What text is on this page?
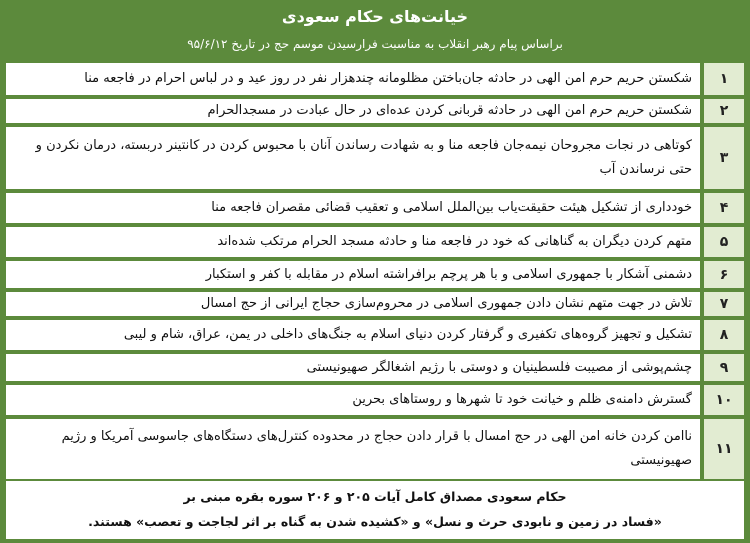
خیانت‌های حکام سعودی
براساس پیام رهبر انقلاب به مناسبت فرارسیدن موسم حج در تاریخ ۹۵/۶/۱۲
۱
شکستن حریم حرم امن الهی در حادثه جان‌باختن مظلومانه چندهزار نفر در روز عید و در لباس احرام در فاجعه منا
۲
شکستن حریم حرم امن الهی در حادثه قربانی کردن عده‌ای در حال عبادت در مسجدالحرام
۳
کوتاهی در نجات مجروحان نیمه‌جان فاجعه منا و به شهادت رساندن آنان با محبوس کردن در کانتینر دربسته، درمان نکردن و حتی نرساندن آب
۴
خودداری از تشکیل هیئت حقیقت‌یاب بین‌الملل اسلامی و تعقیب قضائی مقصران فاجعه منا
۵
متهم کردن دیگران به گناهانی که خود در فاجعه منا و حادثه مسجد الحرام مرتکب شده‌اند
۶
دشمنی آشکار با جمهوری اسلامی و با هر پرچم برافراشته اسلام در مقابله با کفر و استکبار
۷
تلاش در جهت متهم نشان دادن جمهوری اسلامی در محروم‌سازی حجاج ایرانی از حج امسال
۸
تشکیل و تجهیز گروه‌های تکفیری و گرفتار کردن دنیای اسلام به جنگ‌های داخلی در یمن، عراق، شام و لیبی
۹
چشم‌پوشی از مصیبت فلسطینیان و دوستی با رژیم اشغالگر صهیونیستی
۱۰
گسترش دامنه‌ی ظلم و خیانت خود تا شهرها و روستاهای بحرین
۱۱
ناامن کردن خانه امن الهی در حج امسال با قرار دادن حجاج در محدوده کنترل‌های دستگاه‌های جاسوسی آمریکا و رژیم صهیونیستی
حکام سعودی مصداق کامل آیات ۲۰۵ و ۲۰۶ سوره بقره مبنی بر
«فساد در زمین و نابودی حرث و نسل» و «کشیده شدن به گناه بر اثر لجاجت و تعصب» هستند.
